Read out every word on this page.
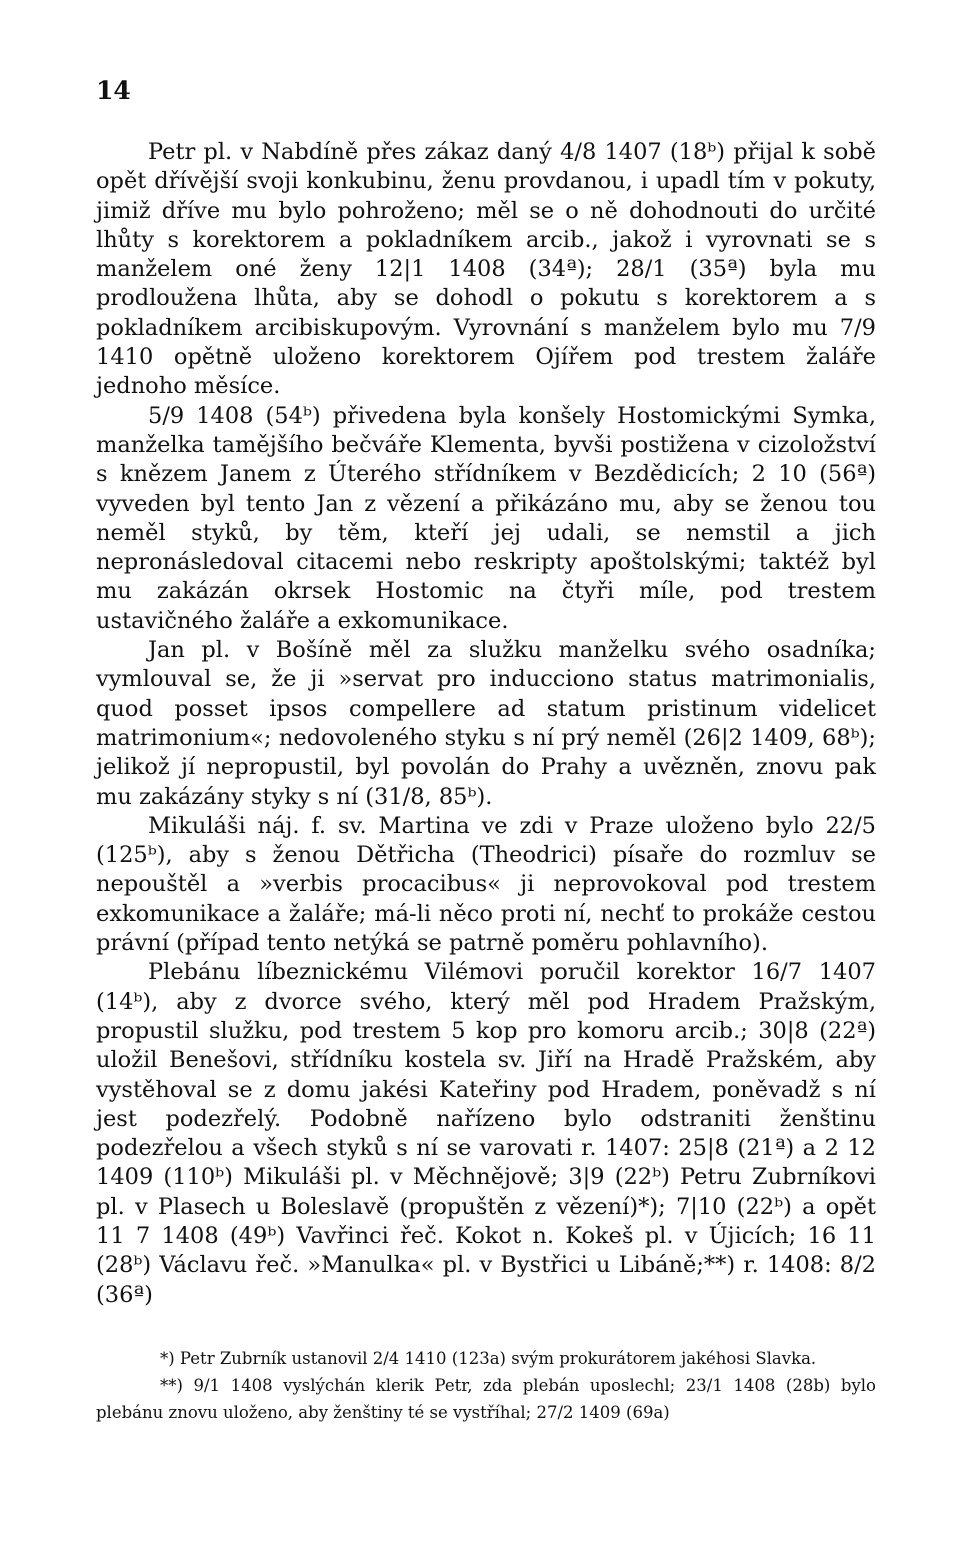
14

Petr pl. v Nabdíně přes zákaz daný 4/8 1407 (18ᵇ) přijal k sobě opět dřívější svoji konkubinu, ženu provdanou, i upadl tím v pokuty, jimiž dříve mu bylo pohroženo; měl se o ně dohodnouti do určité lhůty s korektorem a pokladníkem arcib., jakož i vyrovnati se s manželem oné ženy 12|1 1408 (34ª); 28/1 (35ª) byla mu prodloužena lhůta, aby se dohodl o pokutu s korektorem a s pokladníkem arcibiskupovým. Vyrovnání s manželem bylo mu 7/9 1410 opětně uloženo korektorem Ojířem pod trestem žaláře jednoho měsíce.

5/9 1408 (54ᵇ) přivedena byla konšely Hostomickými Symka, manželka tamějšího bečváře Klementa, byvši postižena v cizoložství s knězem Janem z Úterého střídníkem v Bezdědicích; 2 10 (56ª) vyveden byl tento Jan z vězení a přikázáno mu, aby se ženou tou neměl styků, by těm, kteří jej udali, se nemstil a jich nepronásledoval citacemi nebo reskripty apoštolskými; taktéž byl mu zakázán okrsek Hostomic na čtyři míle, pod trestem ustavičného žaláře a exkomunikace.

Jan pl. v Bošíně měl za služku manželku svého osadníka; vymlouval se, že ji »servat pro inducciono status matrimonialis, quod posset ipsos compellere ad statum pristinum videlicet matrimonium«; nedovoleného styku s ní prý neměl (26|2 1409, 68ᵇ); jelikož jí nepropustil, byl povolán do Prahy a uvězněn, znovu pak mu zakázány styky s ní (31/8, 85ᵇ).

Mikuláši náj. f. sv. Martina ve zdi v Praze uloženo bylo 22/5 (125ᵇ), aby s ženou Dětřicha (Theodrici) písaře do rozmluv se nepouštěl a »verbis procacibus« ji neprovokoval pod trestem exkomunikace a žaláře; má-li něco proti ní, nechť to prokáže cestou právní (případ tento netýká se patrně poměru pohlavního).

Plebánu líbeznickému Vilémovi poručil korektor 16/7 1407 (14ᵇ), aby z dvorce svého, který měl pod Hradem Pražským, propustil služku, pod trestem 5 kop pro komoru arcib.; 30|8 (22ª) uložil Benešovi, střídníku kostela sv. Jiří na Hradě Pražském, aby vystěhoval se z domu jakési Kateřiny pod Hradem, poněvadž s ní jest podezřelý. Podobně nařízeno bylo odstraniti ženštinu podezřelou a všech styků s ní se varovati r. 1407: 25|8 (21ª) a 2 12 1409 (110ᵇ) Mikuláši pl. v Měchnějově; 3|9 (22ᵇ) Petru Zubrníkovi pl. v Plasech u Boleslavě (propuštěn z vězení)*); 7|10 (22ᵇ) a opět 11 7 1408 (49ᵇ) Vavřinci řeč. Kokot n. Kokeš pl. v Újicích; 16 11 (28ᵇ) Václavu řeč. »Manulka« pl. v Bystřici u Libáně;**) r. 1408: 8/2 (36ª)

*) Petr Zubrník ustanovil 2/4 1410 (123a) svým prokurátorem jakéhosi Slavka.

**) 9/1 1408 vyslýchán klerik Petr, zda plebán uposlechl; 23/1 1408 (28b) bylo plebánu znovu uloženo, aby ženštiny té se vystříhal; 27/2 1409 (69a)
